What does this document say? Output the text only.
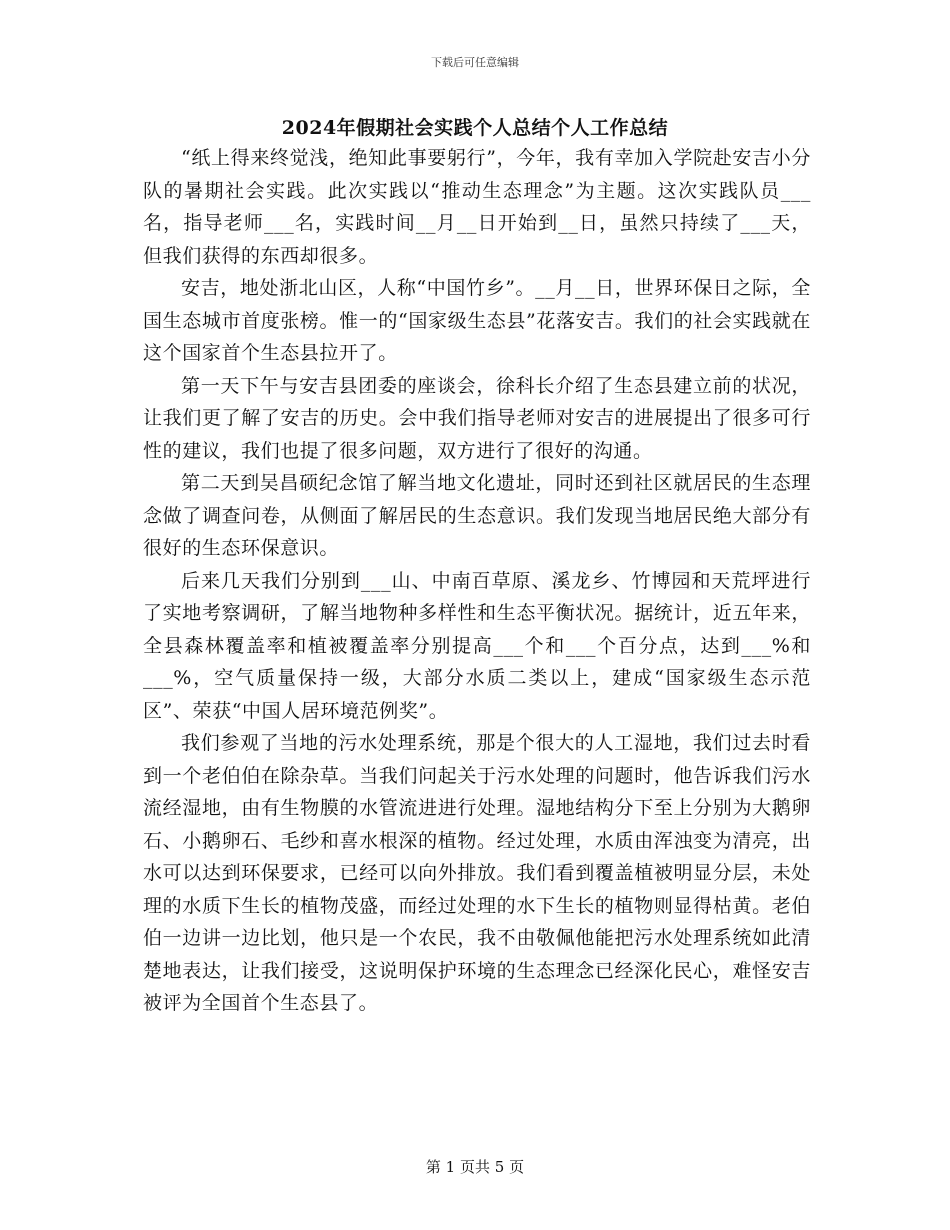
下载后可任意编辑
2024年假期社会实践个人总结个人工作总结

“纸上得来终觉浅，绝知此事要躬行”，今年，我有幸加入学院赴安吉小分队的暑期社会实践。此次实践以“推动生态理念”为主题。这次实践队员___名，指导老师___名，实践时间__月__日开始到__日，虽然只持续了___天，但我们获得的东西却很多。

安吉，地处浙北山区，人称“中国竹乡”。__月__日，世界环保日之际，全国生态城市首度张榜。惟一的“国家级生态县”花落安吉。我们的社会实践就在这个国家首个生态县拉开了。

第一天下午与安吉县团委的座谈会，徐科长介绍了生态县建立前的状况，让我们更了解了安吉的历史。会中我们指导老师对安吉的进展提出了很多可行性的建议，我们也提了很多问题，双方进行了很好的沟通。

第二天到吴昌硕纪念馆了解当地文化遗址，同时还到社区就居民的生态理念做了调查问卷，从侧面了解居民的生态意识。我们发现当地居民绝大部分有很好的生态环保意识。

后来几天我们分别到___山、中南百草原、溪龙乡、竹博园和天荒坪进行了实地考察调研，了解当地物种多样性和生态平衡状况。据统计，近五年来，全县森林覆盖率和植被覆盖率分别提高___个和___个百分点，达到___%和___%，空气质量保持一级，大部分水质二类以上，建成“国家级生态示范区”、荣获“中国人居环境范例奖”。

我们参观了当地的污水处理系统，那是个很大的人工湿地，我们过去时看到一个老伯伯在除杂草。当我们问起关于污水处理的问题时，他告诉我们污水流经湿地，由有生物膜的水管流进进行处理。湿地结构分下至上分别为大鹅卵石、小鹅卵石、毛纱和喜水根深的植物。经过处理，水质由浑浊变为清亮，出水可以达到环保要求，已经可以向外排放。我们看到覆盖植被明显分层，未处理的水质下生长的植物茂盛，而经过处理的水下生长的植物则显得枯黄。老伯伯一边讲一边比划，他只是一个农民，我不由敬佩他能把污水处理系统如此清楚地表达，让我们接受，这说明保护环境的生态理念已经深化民心，难怪安吉被评为全国首个生态县了。

第 1 页共 5 页
